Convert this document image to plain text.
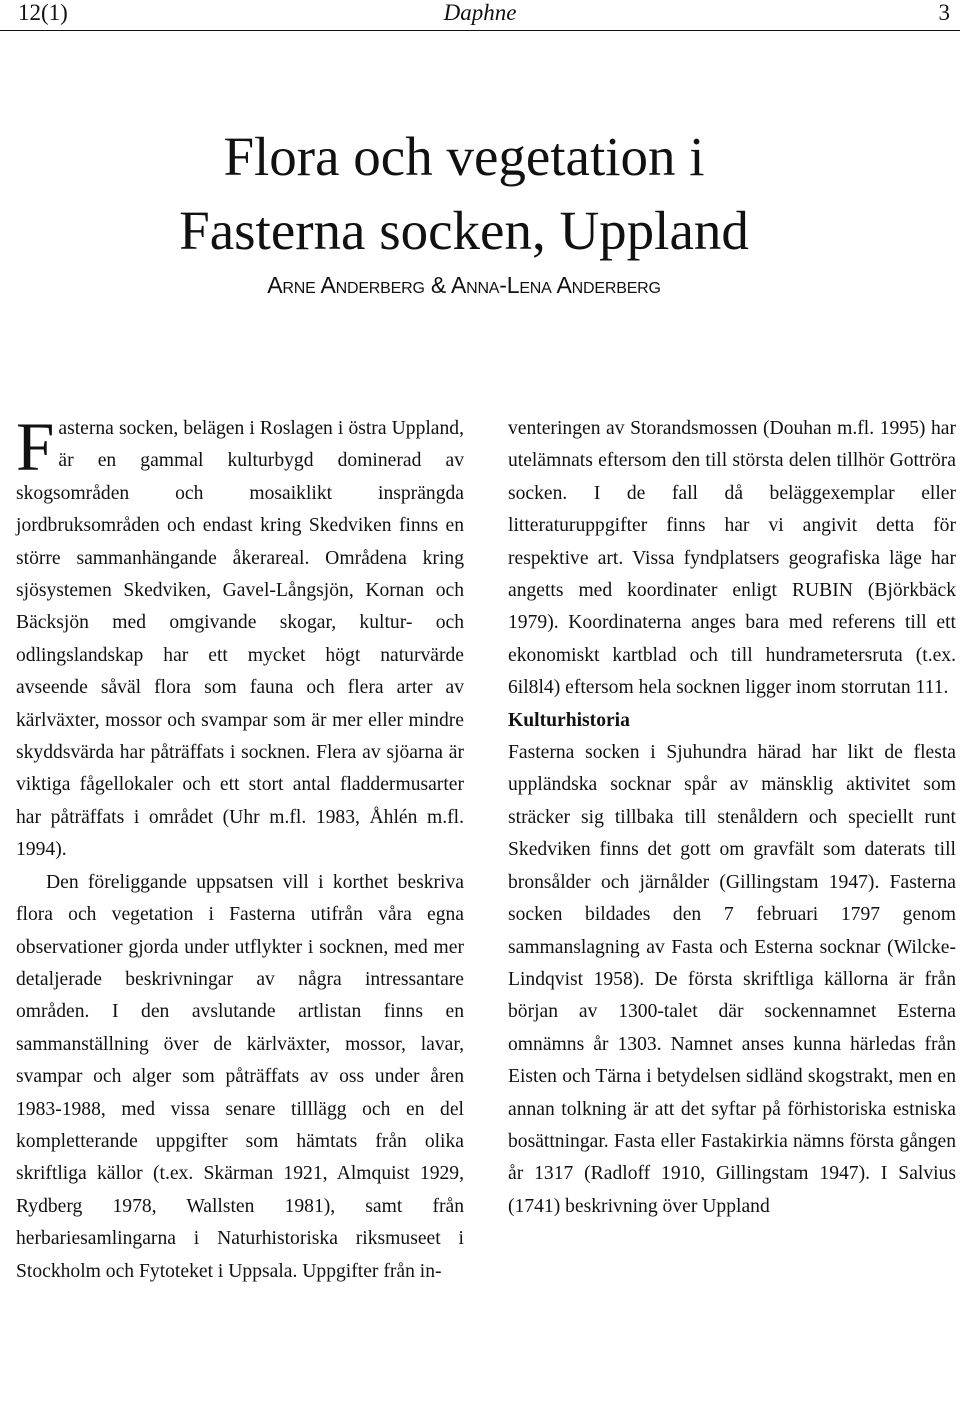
12(1)	Daphne	3
Flora och vegetation i
Fasterna socken, Uppland
Arne Anderberg & Anna-Lena Anderberg

Fasterna socken, belägen i Roslagen i östra Uppland, är en gammal kulturbygd dominerad av skogsområden och mosaiklikt insprängda jordbruksområden och endast kring Skedviken finns en större sammanhängande åkerareal. Områdena kring sjösystemen Skedviken, Gavel-Långsjön, Kornan och Bäcksjön med omgivande skogar, kultur- och odlingslandskap har ett mycket högt naturvärde avseende såväl flora som fauna och flera arter av kärlväxter, mossor och svampar som är mer eller mindre skyddsvärda har påträffats i socknen. Flera av sjöarna är viktiga fågellokaler och ett stort antal fladdermusarter har påträffats i området (Uhr m.fl. 1983, Åhlén m.fl. 1994).

Den föreliggande uppsatsen vill i korthet beskriva flora och vegetation i Fasterna utifrån våra egna observationer gjorda under utflykter i socknen, med mer detaljerade beskrivningar av några intressantare områden. I den avslutande artlistan finns en sammanställning över de kärlväxter, mossor, lavar, svampar och alger som påträffats av oss under åren 1983-1988, med vissa senare tilllägg och en del kompletterande uppgifter som hämtats från olika skriftliga källor (t.ex. Skärman 1921, Almquist 1929, Rydberg 1978, Wallsten 1981), samt från herbariesamlingarna i Naturhistoriska riksmuseet i Stockholm och Fytoteket i Uppsala. Uppgifter från in-

venteringen av Storandsmossen (Douhan m.fl. 1995) har utelämnats eftersom den till största delen tillhör Gottröra socken. I de fall då beläggexemplar eller litteraturuppgifter finns har vi angivit detta för respektive art. Vissa fyndplatsers geografiska läge har angetts med koordinater enligt RUBIN (Björkbäck 1979). Koordinaterna anges bara med referens till ett ekonomiskt kartblad och till hundrametersruta (t.ex. 6il8l4) eftersom hela socknen ligger inom storrutan 111.

Kulturhistoria

Fasterna socken i Sjuhundra härad har likt de flesta uppländska socknar spår av mänsklig aktivitet som sträcker sig tillbaka till stenåldern och speciellt runt Skedviken finns det gott om gravfält som daterats till bronsålder och järnålder (Gillingstam 1947). Fasterna socken bildades den 7 februari 1797 genom sammanslagning av Fasta och Esterna socknar (Wilcke-Lindqvist 1958). De första skriftliga källorna är från början av 1300-talet där sockennamnet Esterna omnämns år 1303. Namnet anses kunna härledas från Eisten och Tärna i betydelsen sidländ skogstrakt, men en annan tolkning är att det syftar på förhistoriska estniska bosättningar. Fasta eller Fastakirkia nämns första gången år 1317 (Radloff 1910, Gillingstam 1947). I Salvius (1741) beskrivning över Uppland
